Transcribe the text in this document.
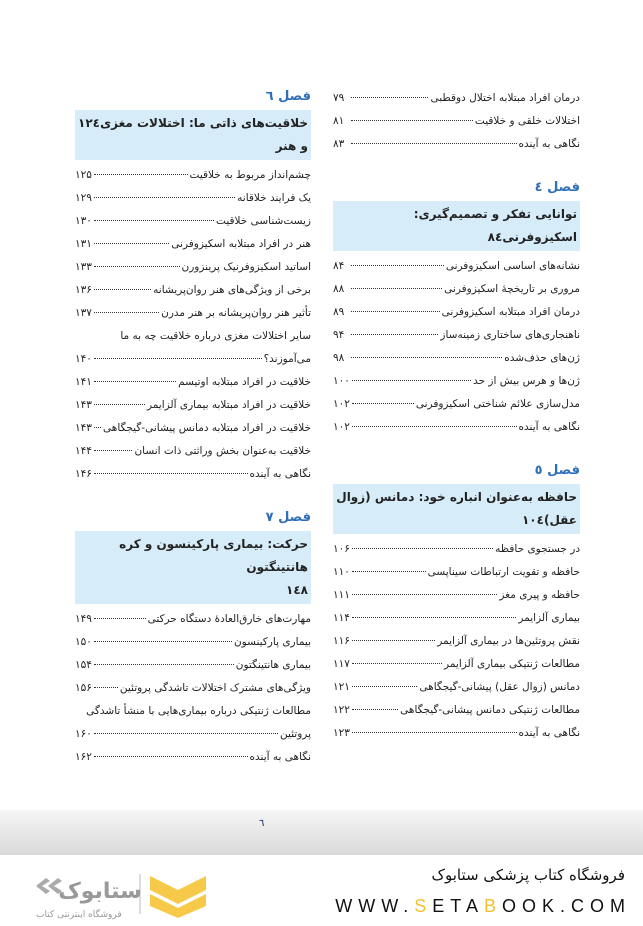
درمان افراد مبتلابه اختلال دوقطبی
۷۹
اختلالات خلقی و خلاقیت
۸۱
نگاهی به آینده
۸۳
فصل ٤
توانایی تفکر و تصمیم‌گیری:
اسکیزوفرنی
٨٤
نشانه‌های اساسی اسکیزوفرنی
۸۴
مروری بر تاریخچهٔ اسکیزوفرنی
۸۸
درمان افراد مبتلابه اسکیزوفرنی
۸۹
ناهنجاری‌های ساختاری زمینه‌ساز
۹۴
ژن‌های حذف‌شده
۹۸
ژن‌ها و هرس بیش از حد
۱۰۰
مدل‌سازی علائم شناختی اسکیزوفرنی
۱۰۲
نگاهی به آینده
۱۰۲
فصل ٥
حافظه به‌عنوان انباره خود: دمانس (زوال
عقل)
١٠٤
در جستجوی حافظه
۱۰۶
حافظه و تقویت ارتباطات سیناپسی
۱۱۰
حافظه و پیری مغز
۱۱۱
بیماری آلزایمر
۱۱۴
نقش پروتئین‌ها در بیماری آلزایمر
۱۱۶
مطالعات ژنتیکی بیماری آلزایمر
۱۱۷
دمانس (زوال عقل) پیشانی-گیجگاهی
۱۲۱
مطالعات ژنتیکی دمانس پیشانی-گیجگاهی
۱۲۲
نگاهی به آینده
۱۲۳
فصل ٦
خلاقیت‌های ذاتی ما: اختلالات مغزی و هنر
١٢٤
چشم‌انداز مربوط به خلاقیت
۱۲۵
یک فرایند خلاقانه
۱۲۹
زیست‌شناسی خلاقیت
۱۳۰
هنر در افراد مبتلابه اسکیزوفرنی
۱۳۱
اساتید اسکیزوفرنیک پرینزورن
۱۳۳
برخی از ویژگی‌های هنر روان‌پریشانه
۱۳۶
تأثیر هنر روان‌پریشانه بر هنر مدرن
۱۳۷
سایر اختلالات مغزی درباره خلاقیت چه به ما
می‌آموزند؟
۱۴۰
خلاقیت در افراد مبتلابه اوتیسم
۱۴۱
خلاقیت در افراد مبتلابه بیماری آلزایمر
۱۴۳
خلاقیت در افراد مبتلابه دمانس پیشانی-گیجگاهی
۱۴۳
خلاقیت به‌عنوان بخش وراثتی ذات انسان
۱۴۴
نگاهی به آینده
۱۴۶
فصل ٧
حرکت: بیماری پارکینسون و کره هانتینگتون
١٤٨
مهارت‌های خارق‌العادهٔ دستگاه حرکتی
۱۴۹
بیماری پارکینسون
۱۵۰
بیماری هانتینگتون
۱۵۴
ویژگی‌های مشترک اختلالات تاشدگی پروتئین
۱۵۶
مطالعات ژنتیکی درباره بیماری‌هایی با منشأ تاشدگی
پروتئین
۱۶۰
نگاهی به آینده
۱۶۲
٦
ستابوک
فروشگاه اینترنتی کتاب
فروشگاه کتاب پزشکی ستابوک
WWW.SETABOOK.COM
